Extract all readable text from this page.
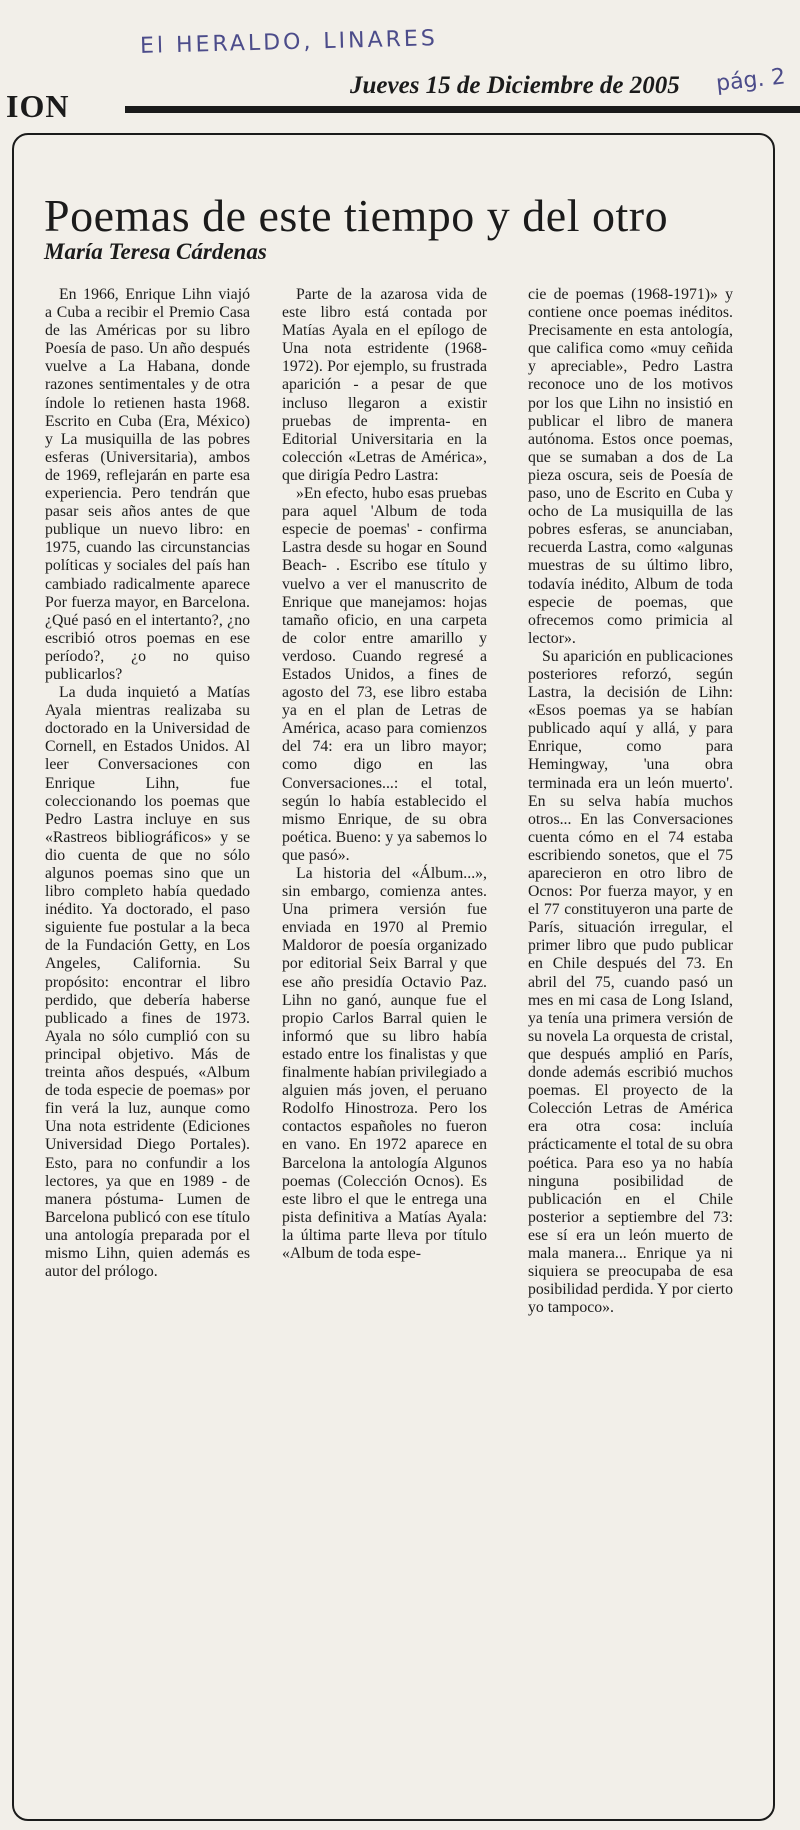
El HERALDO, LINARES
ION
Jueves 15 de Diciembre de 2005 pág. 2
Poemas de este tiempo y del otro
María Teresa Cárdenas

En 1966, Enrique Lihn viajó a Cuba a recibir el Premio Casa de las Américas por su libro Poesía de paso. Un año después vuelve a La Habana, donde razones sentimentales y de otra índole lo retienen hasta 1968. Escrito en Cuba (Era, México) y La musiquilla de las pobres esferas (Universitaria), ambos de 1969, reflejarán en parte esa experiencia. Pero tendrán que pasar seis años antes de que publique un nuevo libro: en 1975, cuando las circunstancias políticas y sociales del país han cambiado radicalmente aparece Por fuerza mayor, en Barcelona. ¿Qué pasó en el intertanto?, ¿no escribió otros poemas en ese período?, ¿o no quiso publicarlos?

La duda inquietó a Matías Ayala mientras realizaba su doctorado en la Universidad de Cornell, en Estados Unidos. Al leer Conversaciones con Enrique Lihn, fue coleccionando los poemas que Pedro Lastra incluye en sus «Rastreos bibliográficos» y se dio cuenta de que no sólo algunos poemas sino que un libro completo había quedado inédito. Ya doctorado, el paso siguiente fue postular a la beca de la Fundación Getty, en Los Angeles, California. Su propósito: encontrar el libro perdido, que debería haberse publicado a fines de 1973. Ayala no sólo cumplió con su principal objetivo. Más de treinta años después, «Album de toda especie de poemas» por fin verá la luz, aunque como Una nota estridente (Ediciones Universidad Diego Portales). Esto, para no confundir a los lectores, ya que en 1989 - de manera póstuma- Lumen de Barcelona publicó con ese título una antología preparada por el mismo Lihn, quien además es autor del prólogo.

Parte de la azarosa vida de este libro está contada por Matías Ayala en el epílogo de Una nota estridente (1968-1972). Por ejemplo, su frustrada aparición - a pesar de que incluso llegaron a existir pruebas de imprenta- en Editorial Universitaria en la colección «Letras de América», que dirigía Pedro Lastra:

»En efecto, hubo esas pruebas para aquel 'Album de toda especie de poemas' - confirma Lastra desde su hogar en Sound Beach- . Escribo ese título y vuelvo a ver el manuscrito de Enrique que manejamos: hojas tamaño oficio, en una carpeta de color entre amarillo y verdoso. Cuando regresé a Estados Unidos, a fines de agosto del 73, ese libro estaba ya en el plan de Letras de América, acaso para comienzos del 74: era un libro mayor; como digo en las Conversaciones...: el total, según lo había establecido el mismo Enrique, de su obra poética. Bueno: y ya sabemos lo que pasó».

La historia del «Álbum...», sin embargo, comienza antes. Una primera versión fue enviada en 1970 al Premio Maldoror de poesía organizado por editorial Seix Barral y que ese año presidía Octavio Paz. Lihn no ganó, aunque fue el propio Carlos Barral quien le informó que su libro había estado entre los finalistas y que finalmente habían privilegiado a alguien más joven, el peruano Rodolfo Hinostroza. Pero los contactos españoles no fueron en vano. En 1972 aparece en Barcelona la antología Algunos poemas (Colección Ocnos). Es este libro el que le entrega una pista definitiva a Matías Ayala: la última parte lleva por título «Album de toda espe-

cie de poemas (1968-1971)» y contiene once poemas inéditos. Precisamente en esta antología, que califica como «muy ceñida y apreciable», Pedro Lastra reconoce uno de los motivos por los que Lihn no insistió en publicar el libro de manera autónoma. Estos once poemas, que se sumaban a dos de La pieza oscura, seis de Poesía de paso, uno de Escrito en Cuba y ocho de La musiquilla de las pobres esferas, se anunciaban, recuerda Lastra, como «algunas muestras de su último libro, todavía inédito, Album de toda especie de poemas, que ofrecemos como primicia al lector».

Su aparición en publicaciones posteriores reforzó, según Lastra, la decisión de Lihn: «Esos poemas ya se habían publicado aquí y allá, y para Enrique, como para Hemingway, 'una obra terminada era un león muerto'. En su selva había muchos otros... En las Conversaciones cuenta cómo en el 74 estaba escribiendo sonetos, que el 75 aparecieron en otro libro de Ocnos: Por fuerza mayor, y en el 77 constituyeron una parte de París, situación irregular, el primer libro que pudo publicar en Chile después del 73. En abril del 75, cuando pasó un mes en mi casa de Long Island, ya tenía una primera versión de su novela La orquesta de cristal, que después amplió en París, donde además escribió muchos poemas. El proyecto de la Colección Letras de América era otra cosa: incluía prácticamente el total de su obra poética. Para eso ya no había ninguna posibilidad de publicación en el Chile posterior a septiembre del 73: ese sí era un león muerto de mala manera... Enrique ya ni siquiera se preocupaba de esa posibilidad perdida. Y por cierto yo tampoco».
